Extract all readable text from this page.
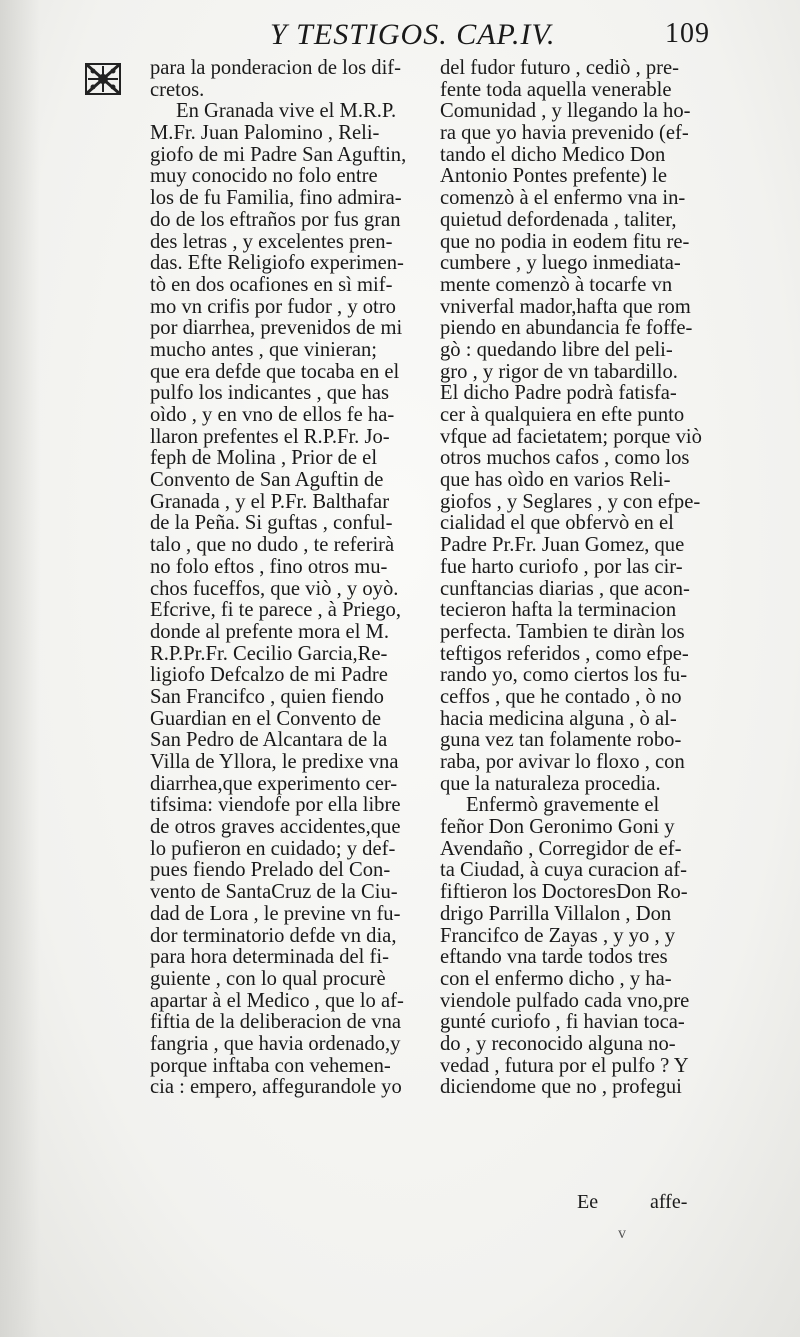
Y TESTIGOS. CAP.IV.	109
para la ponderacion de los dif-
cretos.
En Granada vive el M.R.P.
M.Fr. Juan Palomino , Reli-
giofo de mi Padre San Aguftin,
muy conocido no folo entre
los de fu Familia, fino admira-
do de los eftraños por fus gran
des letras , y excelentes pren-
das. Efte Religiofo experimen-
tò en dos ocafiones en sì mif-
mo vn crifis por fudor , y otro
por diarrhea, prevenidos de mi
mucho antes , que vinieran;
que era defde que tocaba en el
pulfo los indicantes , que has
oìdo , y en vno de ellos fe ha-
llaron prefentes el R.P.Fr. Jo-
feph de Molina , Prior de el
Convento de San Aguftin de
Granada , y el P.Fr. Balthafar
de la Peña. Si guftas , conful-
talo , que no dudo , te referirà
no folo eftos , fino otros mu-
chos fuceffos, que viò , y oyò.
Efcrive, fi te parece , à Priego,
donde al prefente mora el M.
R.P.Pr.Fr. Cecilio Garcia,Re-
ligiofo Defcalzo de mi Padre
San Francifco , quien fiendo
Guardian en el Convento de
San Pedro de Alcantara de la
Villa de Yllora, le predixe vna
diarrhea,que experimento cer-
tifsima: viendofe por ella libre
de otros graves accidentes,que
lo pufieron en cuidado; y def-
pues fiendo Prelado del Con-
vento de SantaCruz de la Ciu-
dad de Lora , le previne vn fu-
dor terminatorio defde vn dia,
para hora determinada del fi-
guiente , con lo qual procurè
apartar à el Medico , que lo af-
fiftia de la deliberacion de vna
fangria , que havia ordenado,y
porque inftaba con vehemen-
cia : empero, affegurandole yo
del fudor futuro , cediò , pre-
fente toda aquella venerable
Comunidad , y llegando la ho-
ra que yo havia prevenido (ef-
tando el dicho Medico Don
Antonio Pontes prefente) le
comenzò à el enfermo vna in-
quietud defordenada , taliter,
que no podia in eodem fitu re-
cumbere , y luego inmediata-
mente comenzò à tocarfe vn
vniverfal mador,hafta que rom
piendo en abundancia fe foffe-
gò : quedando libre del peli-
gro , y rigor de vn tabardillo.
El dicho Padre podrà fatisfa-
cer à qualquiera en efte punto
vfque ad facietatem; porque viò
otros muchos cafos , como los
que has oìdo en varios Reli-
giofos , y Seglares , y con efpe-
cialidad el que obfervò en el
Padre Pr.Fr. Juan Gomez, que
fue harto curiofo , por las cir-
cunftancias diarias , que acon-
tecieron hafta la terminacion
perfecta. Tambien te diràn los
teftigos referidos , como efpe-
rando yo, como ciertos los fu-
ceffos , que he contado , ò no
hacia medicina alguna , ò al-
guna vez tan folamente robo-
raba, por avivar lo floxo , con
que la naturaleza procedia.
Enfermò gravemente el
feñor Don Geronimo Goni y
Avendaño , Corregidor de ef-
ta Ciudad, à cuya curacion af-
fiftieron los DoctoresDon Ro-
drigo Parrilla Villalon , Don
Francifco de Zayas , y yo , y
eftando vna tarde todos tres
con el enfermo dicho , y ha-
viendole pulfado cada vno,pre
gunté curiofo , fi havian toca-
do , y reconocido alguna no-
vedad , futura por el pulfo ? Y
diciendome que no , profegui
Ee	affe-
v
